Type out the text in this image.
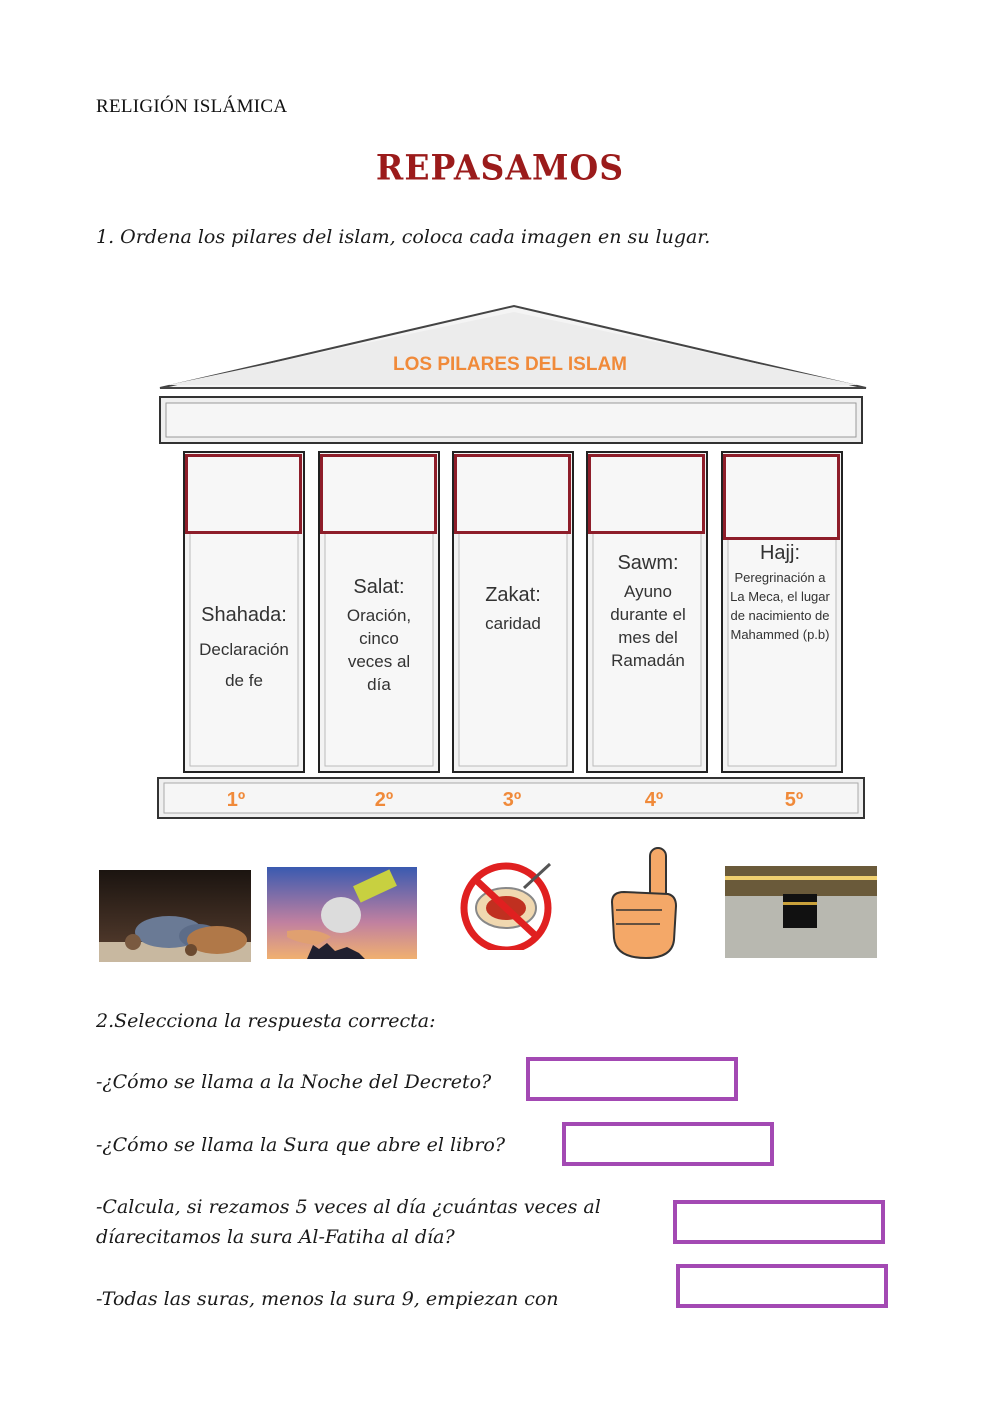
RELIGIÓN ISLÁMICA
REPASAMOS
1. Ordena los pilares del islam, coloca cada imagen en su lugar.
LOS PILARES DEL ISLAM
Shahada:
Declaración
de fe
Salat:
Oración, cinco veces al día
Zakat:
caridad
Sawm:
Ayuno durante el mes del Ramadán
Hajj:
Peregrinación a La Meca, el lugar de nacimiento de Mahammed (p.b)
1º	2º	3º	4º	5º
2.Selecciona la respuesta correcta:
-¿Cómo se llama a la Noche del Decreto?
-¿Cómo se llama la Sura que abre el libro?
-Calcula, si rezamos 5 veces al día ¿cuántas veces al
díarecitamos la sura Al-Fatiha al día?
-Todas las suras, menos la sura 9, empiezan con
